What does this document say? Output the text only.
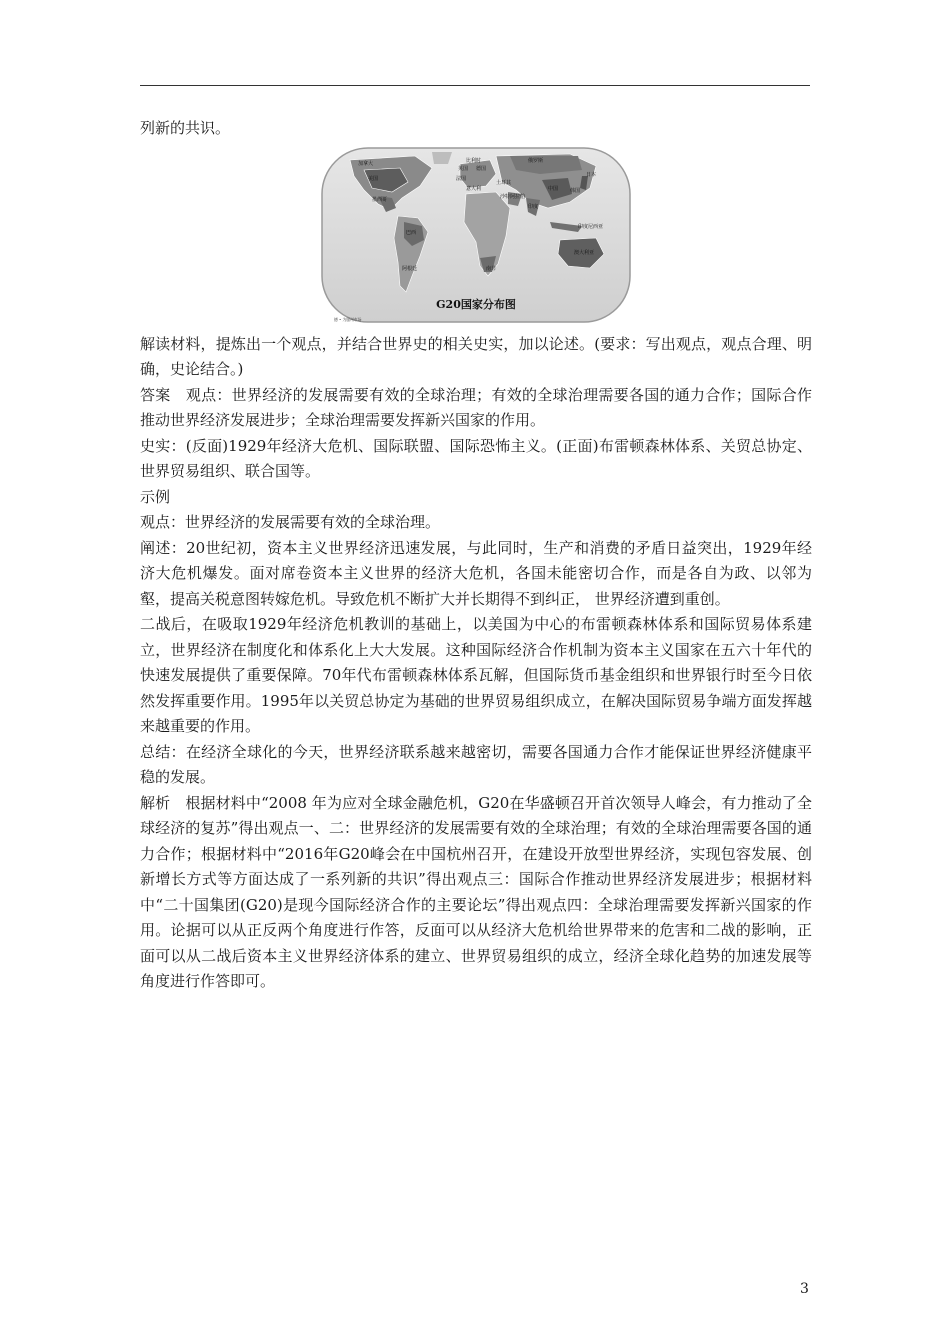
列新的共识。

加拿大
美国
墨西哥
巴西
阿根廷
英国
法国
德国
意大利
比利时	俄罗斯
土耳其
沙特阿拉伯
印度
中国
日本
韩国
印度尼西亚
澳大利亚
南非
G20国家分布图
德 • 为服州市场

解读材料，提炼出一个观点，并结合世界史的相关史实，加以论述。(要求：写出观点，观点合理、明确，史论结合。)

答案　观点：世界经济的发展需要有效的全球治理；有效的全球治理需要各国的通力合作；国际合作推动世界经济发展进步；全球治理需要发挥新兴国家的作用。

史实：(反面)1929年经济大危机、国际联盟、国际恐怖主义。(正面)布雷顿森林体系、关贸总协定、世界贸易组织、联合国等。

示例

观点：世界经济的发展需要有效的全球治理。

阐述：20世纪初，资本主义世界经济迅速发展，与此同时，生产和消费的矛盾日益突出，1929年经济大危机爆发。面对席卷资本主义世界的经济大危机，各国未能密切合作，而是各自为政、以邻为壑，提高关税意图转嫁危机。导致危机不断扩大并长期得不到纠正， 世界经济遭到重创。

二战后，在吸取1929年经济危机教训的基础上，以美国为中心的布雷顿森林体系和国际贸易体系建立，世界经济在制度化和体系化上大大发展。这种国际经济合作机制为资本主义国家在五六十年代的快速发展提供了重要保障。70年代布雷顿森林体系瓦解，但国际货币基金组织和世界银行时至今日依然发挥重要作用。1995年以关贸总协定为基础的世界贸易组织成立，在解决国际贸易争端方面发挥越来越重要的作用。

总结：在经济全球化的今天，世界经济联系越来越密切，需要各国通力合作才能保证世界经济健康平稳的发展。

解析　根据材料中“2008 年为应对全球金融危机，G20在华盛顿召开首次领导人峰会，有力推动了全球经济的复苏”得出观点一、二：世界经济的发展需要有效的全球治理；有效的全球治理需要各国的通力合作；根据材料中“2016年G20峰会在中国杭州召开，在建设开放型世界经济，实现包容发展、创新增长方式等方面达成了一系列新的共识”得出观点三：国际合作推动世界经济发展进步；根据材料中“二十国集团(G20)是现今国际经济合作的主要论坛”得出观点四：全球治理需要发挥新兴国家的作用。论据可以从正反两个角度进行作答，反面可以从经济大危机给世界带来的危害和二战的影响，正面可以从二战后资本主义世界经济体系的建立、世界贸易组织的成立，经济全球化趋势的加速发展等角度进行作答即可。

3
